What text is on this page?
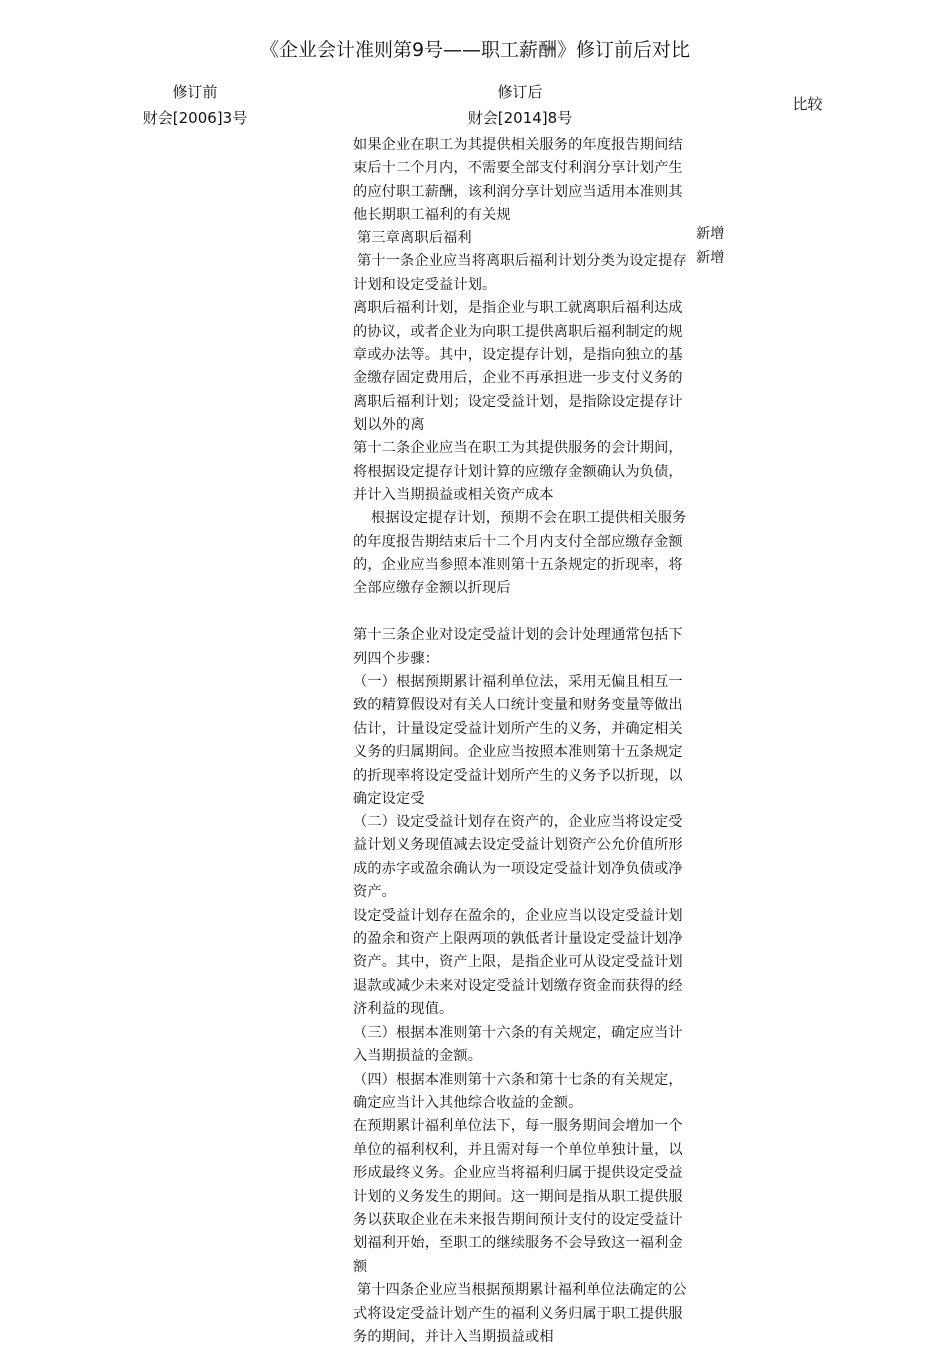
《企业会计准则第9号——职工薪酬》修订前后对比
修订前
财会[2006]3号
修订后
财会[2014]8号
比较
如果企业在职工为其提供相关服务的年度报告期间结束后十二个月内，不需要全部支付利润分享计划产生的应付职工薪酬，该利润分享计划应当适用本准则其他长期职工福利的有关规
第三章离职后福利
第十一条企业应当将离职后福利计划分类为设定提存计划和设定受益计划。
离职后福利计划，是指企业与职工就离职后福利达成的协议，或者企业为向职工提供离职后福利制定的规章或办法等。其中，设定提存计划，是指向独立的基金缴存固定费用后，企业不再承担进一步支付义务的离职后福利计划；设定受益计划，是指除设定提存计划以外的离
第十二条企业应当在职工为其提供服务的会计期间，将根据设定提存计划计算的应缴存金额确认为负债，并计入当期损益或相关资产成本
根据设定提存计划，预期不会在职工提供相关服务的年度报告期结束后十二个月内支付全部应缴存金额的，企业应当参照本准则第十五条规定的折现率，将全部应缴存金额以折现后
第十三条企业对设定受益计划的会计处理通常包括下列四个步骤：
（一）根据预期累计福利单位法，采用无偏且相互一致的精算假设对有关人口统计变量和财务变量等做出估计，计量设定受益计划所产生的义务，并确定相关义务的归属期间。企业应当按照本准则第十五条规定的折现率将设定受益计划所产生的义务予以折现，以确定设定受
（二）设定受益计划存在资产的，企业应当将设定受益计划义务现值减去设定受益计划资产公允价值所形成的赤字或盈余确认为一项设定受益计划净负债或净资产。
设定受益计划存在盈余的，企业应当以设定受益计划的盈余和资产上限两项的孰低者计量设定受益计划净资产。其中，资产上限，是指企业可从设定受益计划退款或减少未来对设定受益计划缴存资金而获得的经济利益的现值。
（三）根据本准则第十六条的有关规定，确定应当计入当期损益的金额。
（四）根据本准则第十六条和第十七条的有关规定，确定应当计入其他综合收益的金额。
在预期累计福利单位法下，每一服务期间会增加一个单位的福利权利，并且需对每一个单位单独计量，以形成最终义务。企业应当将福利归属于提供设定受益计划的义务发生的期间。这一期间是指从职工提供服务以获取企业在未来报告期间预计支付的设定受益计划福利开始，至职工的继续服务不会导致这一福利金额
第十四条企业应当根据预期累计福利单位法确定的公式将设定受益计划产生的福利义务归属于职工提供服务的期间，并计入当期损益或相
新增
新增
